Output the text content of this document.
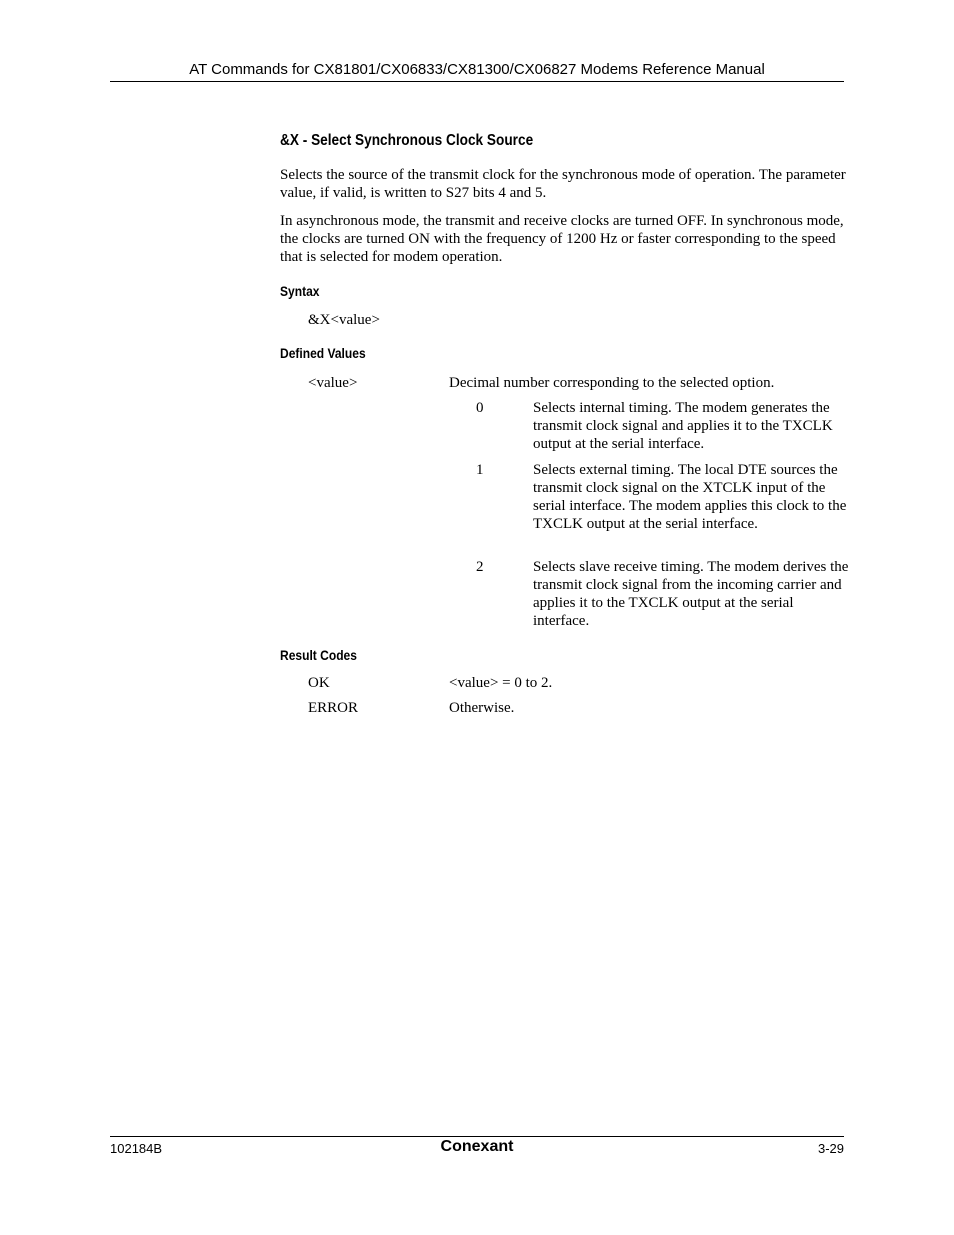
AT Commands for CX81801/CX06833/CX81300/CX06827 Modems Reference Manual
&X - Select Synchronous Clock Source

Selects the source of the transmit clock for the synchronous mode of operation. The parameter value, if valid, is written to S27 bits 4 and 5.

In asynchronous mode, the transmit and receive clocks are turned OFF. In synchronous mode, the clocks are turned ON with the frequency of 1200 Hz or faster corresponding to the speed that is selected for modem operation.

Syntax
&X<value>
Defined Values
<value>	Decimal number corresponding to the selected option.
0	Selects internal timing. The modem generates the transmit clock signal and applies it to the TXCLK output at the serial interface.

1	Selects external timing. The local DTE sources the transmit clock signal on the XTCLK input of the serial interface. The modem applies this clock to the TXCLK output at the serial interface.

2	Selects slave receive timing. The modem derives the transmit clock signal from the incoming carrier and applies it to the TXCLK output at the serial interface.

Result Codes
OK	<value> = 0 to 2.
ERROR	Otherwise.
102184B	Conexant	3-29
